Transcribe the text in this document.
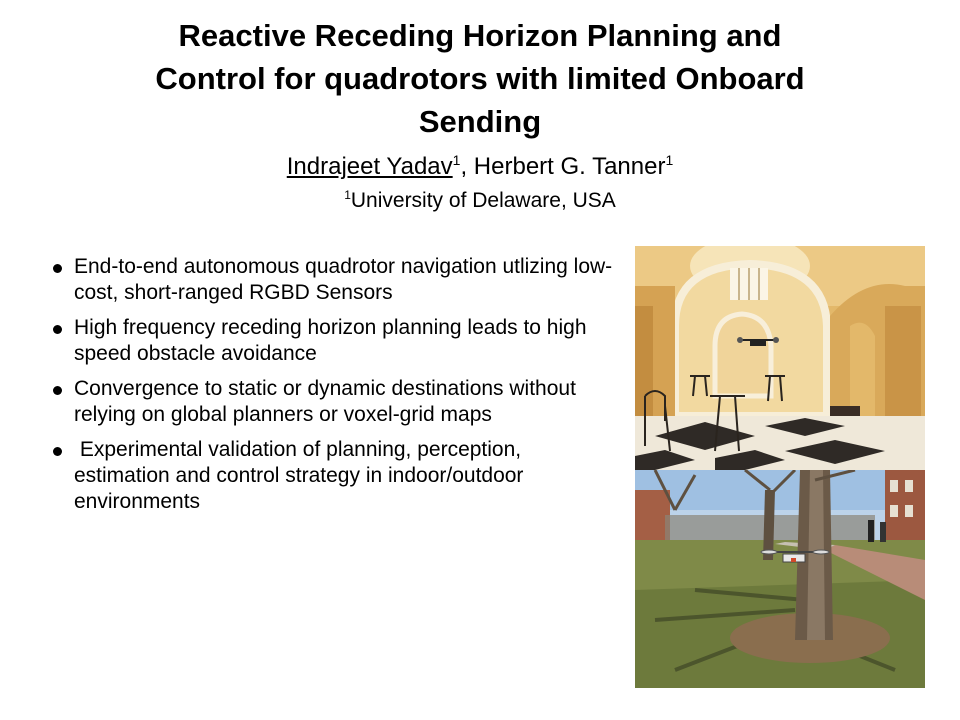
Reactive Receding Horizon Planning and
Control for quadrotors with limited Onboard
Sending
Indrajeet Yadav$^1$, Herbert G. Tanner$^1$
$^1$University of Delaware, USA
End-to-end autonomous quadrotor navigation utlizing low-cost, short-ranged RGBD Sensors
High frequency receding horizon planning leads to high speed obstacle avoidance
Convergence to static or dynamic destinations without relying on global planners or voxel-grid maps
Experimental validation of planning, perception, estimation and control strategy in indoor/outdoor environments
